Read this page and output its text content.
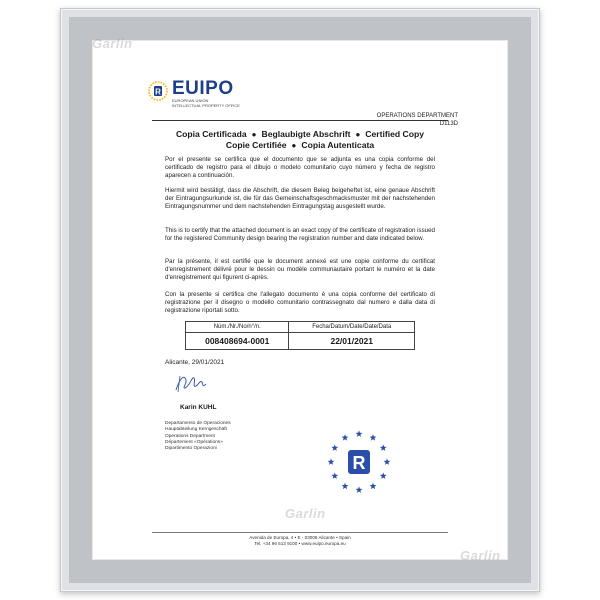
Garlin
Garlin
Garlin
R EUIPO
EUROPEAN UNION
INTELLECTUAL PROPERTY OFFICE
OPERATIONS DEPARTMENT
D113D
Copia Certificada ● Beglaubigte Abschrift ● Certified Copy
Copie Certifiée ● Copia Autenticata
Por el presente se certifica que el documento que se adjunta es una copia conforme del certificado de registro para el dibujo o modelo comunitario cuyo número y fecha de registro aparecen a continuación.
Hiermit wird bestätigt, dass die Abschrift, die diesem Beleg beigeheftet ist, eine genaue Abschrift der Eintragungsurkunde ist, die für das Gemeinschaftsgeschmacksmuster mit der nachstehenden Eintragungsnummer und dem nachstehenden Eintragungstag ausgestellt wurde.
This is to certify that the attached document is an exact copy of the certificate of registration issued for the registered Community design bearing the registration number and date indicated below.
Par la présente, il est certifié que le document annexé est une copie conforme du certificat d'enregistrement délivré pour le dessin ou modèle communautaire portant le numéro et la date d'enregistrement qui figurent ci-après.
Con la presente si certifica che l'allegato documento è una copia conforme del certificato di registrazione per il disegno o modello comunitario contrassegnato dal numero e dalla data di registrazione riportati sotto.
Núm./Nr./No/n°/n.	Fecha/Datum/Date/Date/Data
008408694-0001	22/01/2021
Alicante, 29/01/2021
Karin KUHL
Departamento de Operaciones
Hauptabteilung Kerngeschäft
Operations Department
Département «Opérations»
Dipartimento Operazioni
R
Avenida de Europa, 4 • E - 03008 Alicante • Spain
Tel. +34 96 513 9100 • www.euipo.europa.eu
